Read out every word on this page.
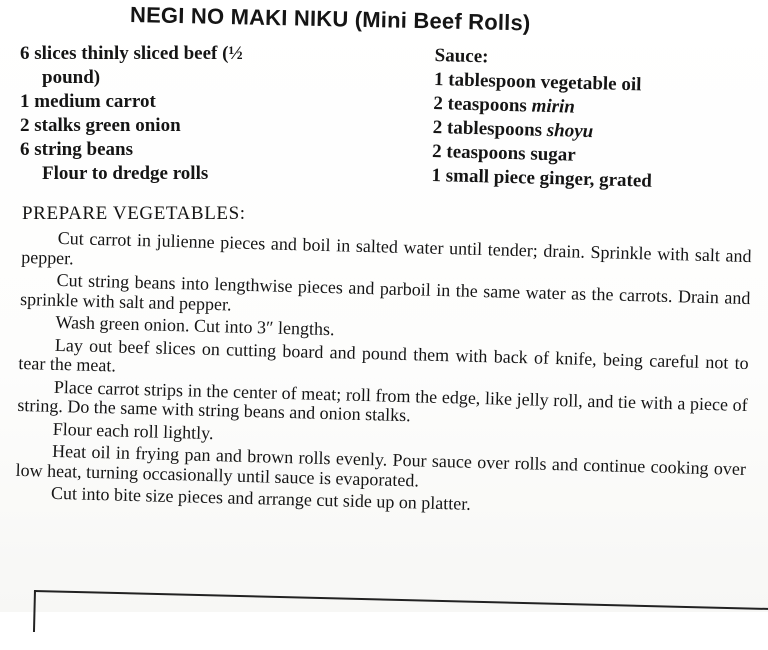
NEGI NO MAKI NIKU (Mini Beef Rolls)
6 slices thinly sliced beef (½
pound)
1 medium carrot
2 stalks green onion
6 string beans
Flour to dredge rolls
Sauce:
1 tablespoon vegetable oil
2 teaspoons mirin
2 tablespoons shoyu
2 teaspoons sugar
1 small piece ginger, grated
PREPARE VEGETABLES:

Cut carrot in julienne pieces and boil in salted water until tender; drain. Sprinkle with salt and pepper.

Cut string beans into lengthwise pieces and parboil in the same water as the carrots. Drain and sprinkle with salt and pepper.

Wash green onion. Cut into 3″ lengths.

Lay out beef slices on cutting board and pound them with back of knife, being careful not to tear the meat.

Place carrot strips in the center of meat; roll from the edge, like jelly roll, and tie with a piece of string. Do the same with string beans and onion stalks.

Flour each roll lightly.

Heat oil in frying pan and brown rolls evenly. Pour sauce over rolls and continue cooking over low heat, turning occasionally until sauce is evaporated.

Cut into bite size pieces and arrange cut side up on platter.
